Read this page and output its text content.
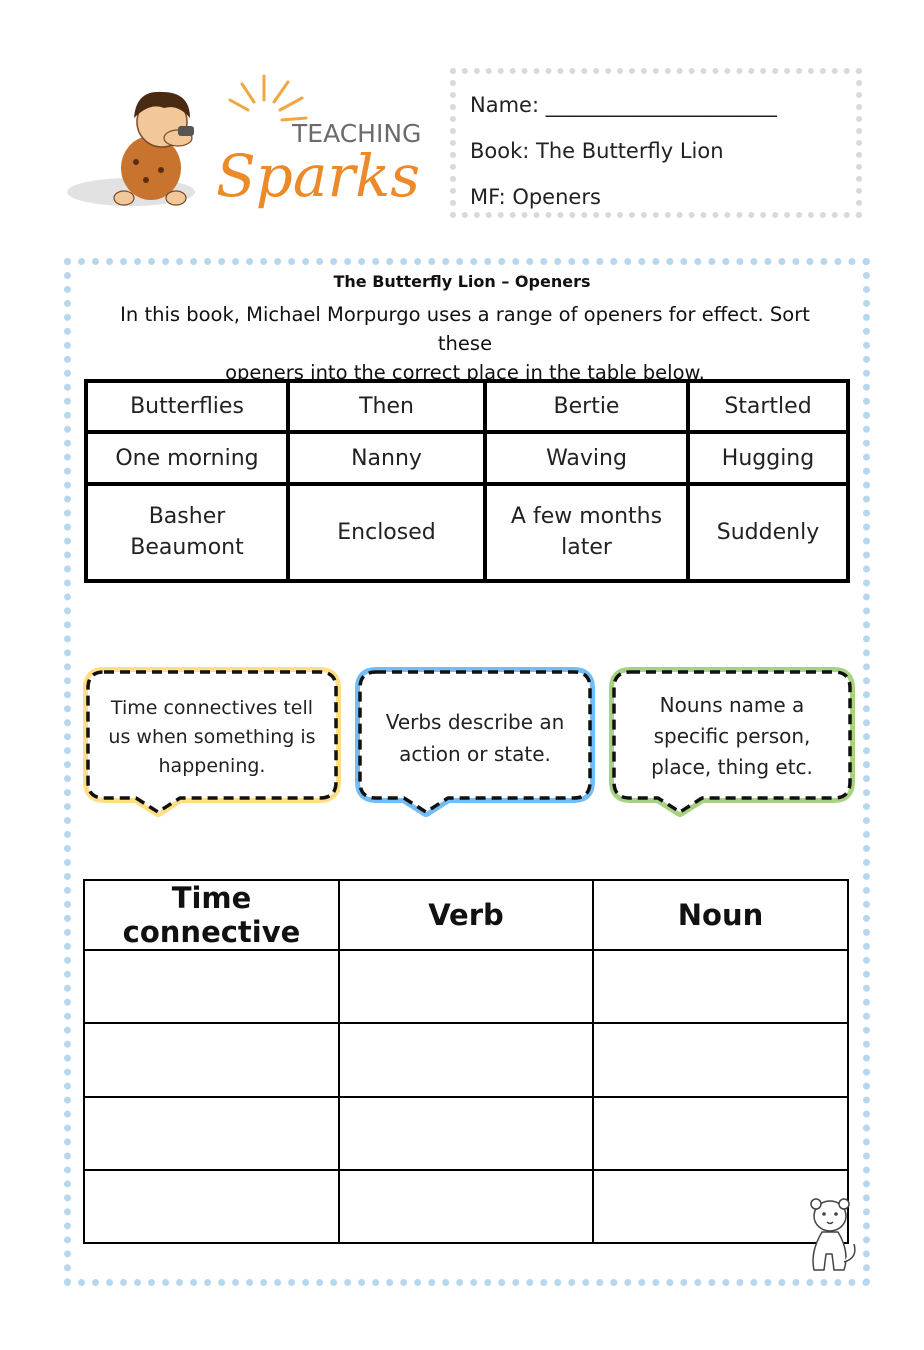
TEACHING
Sparks
Name: ______________________
Book: The Butterfly Lion
MF: Openers
The Butterfly Lion – Openers
In this book, Michael Morpurgo uses a range of openers for effect. Sort these
openers into the correct place in the table below.
Butterflies	Then	Bertie	Startled
One morning	Nanny	Waving	Hugging
Basher Beaumont	Enclosed	A few months later	Suddenly
Time connectives tell
us when something is
happening.
Verbs describe an
action or state.
Nouns name a
specific person,
place, thing etc.
Time connective	Verb	Noun
